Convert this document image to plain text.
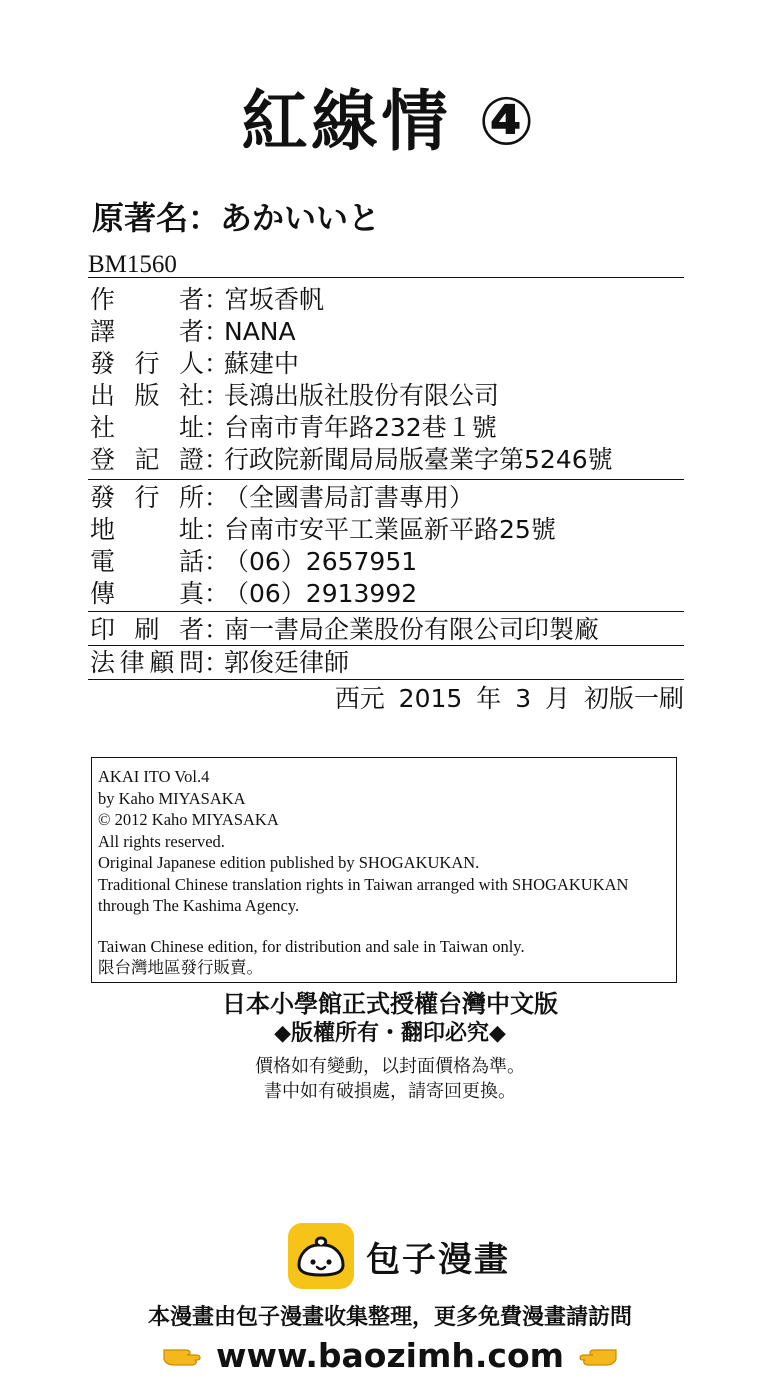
紅線情 ④
原著名：あかいいと
BM1560
作者：宮坂香帆
譯者：NANA
發行人：蘇建中
出版社：長鴻出版社股份有限公司
社址：台南市青年路232巷１號
登記證：行政院新聞局局版臺業字第5246號
發行所：（全國書局訂書專用）
地址：台南市安平工業區新平路25號
電話：（06）2657951
傳真：（06）2913992
印刷者：南一書局企業股份有限公司印製廠
法律顧問：郭俊廷律師
西元 2015 年 3 月 初版一刷
AKAI ITO Vol.4
by Kaho MIYASAKA
© 2012 Kaho MIYASAKA
All rights reserved.
Original Japanese edition published by SHOGAKUKAN.
Traditional Chinese translation rights in Taiwan arranged with SHOGAKUKAN
through The Kashima Agency.
Taiwan Chinese edition, for distribution and sale in Taiwan only.
限台灣地區發行販賣。
日本小學館正式授權台灣中文版
◆版權所有・翻印必究◆
價格如有變動，以封面價格為準。
書中如有破損處，請寄回更換。
包子漫畫
本漫畫由包子漫畫收集整理，更多免費漫畫請訪問
www.baozimh.com
